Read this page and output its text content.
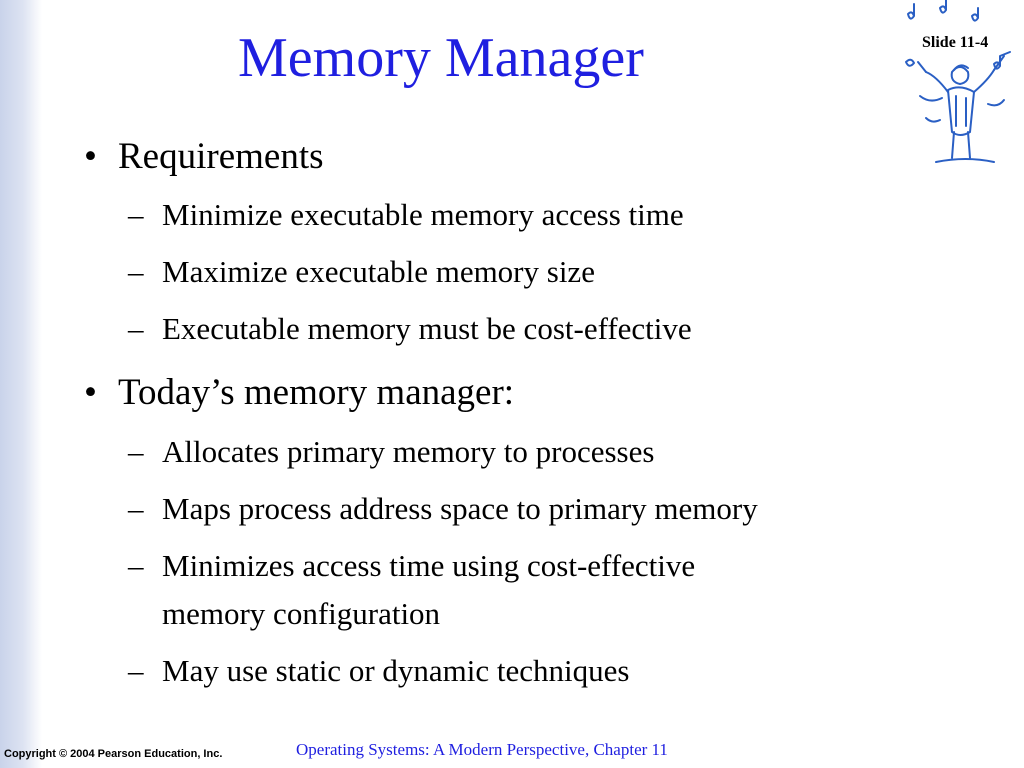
Memory Manager	Slide 11-4
• Requirements
– Minimize executable memory access time
– Maximize executable memory size
– Executable memory must be cost-effective
• Today’s memory manager:
– Allocates primary memory to processes
– Maps process address space to primary memory
– Minimizes access time using cost-effective
memory configuration
– May use static or dynamic techniques
Copyright © 2004 Pearson Education, Inc.	Operating Systems: A Modern Perspective, Chapter 11
